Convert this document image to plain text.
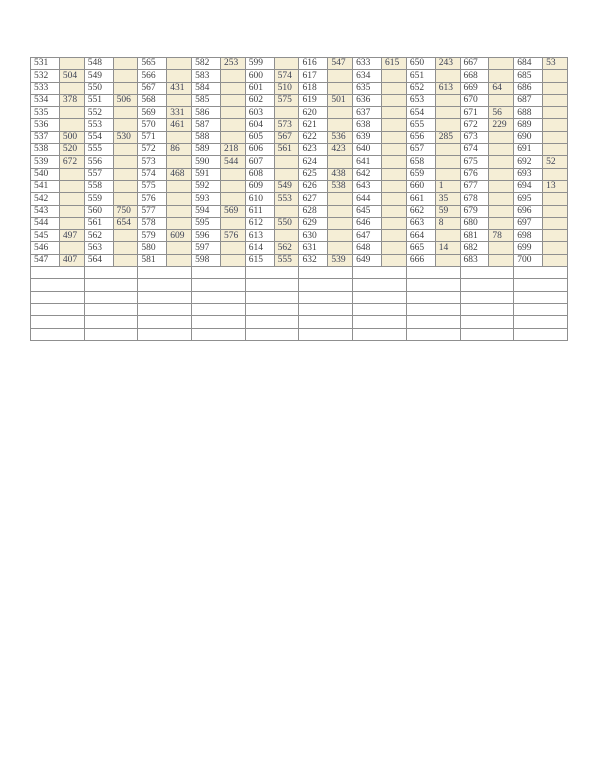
531		548		565		582	253	599		616	547	633	615	650	243	667		684	53
532	504	549		566		583		600	574	617		634		651		668		685	
533		550		567	431	584		601	510	618		635		652	613	669	64	686	
534	378	551	506	568		585		602	575	619	501	636		653		670		687	
535		552		569	331	586		603		620		637		654		671	56	688	
536		553		570	461	587		604	573	621		638		655		672	229	689	
537	500	554	530	571		588		605	567	622	536	639		656	285	673		690	
538	520	555		572	86	589	218	606	561	623	423	640		657		674		691	
539	672	556		573		590	544	607		624		641		658		675		692	52
540		557		574	468	591		608		625	438	642		659		676		693	
541		558		575		592		609	549	626	538	643		660	1	677		694	13
542		559		576		593		610	553	627		644		661	35	678		695	
543		560	750	577		594	569	611		628		645		662	59	679		696	
544		561	654	578		595		612	550	629		646		663	8	680		697	
545	497	562		579	609	596	576	613		630		647		664		681	78	698	
546		563		580		597		614	562	631		648		665	14	682		699	
547	407	564		581		598		615	555	632	539	649		666		683		700	
